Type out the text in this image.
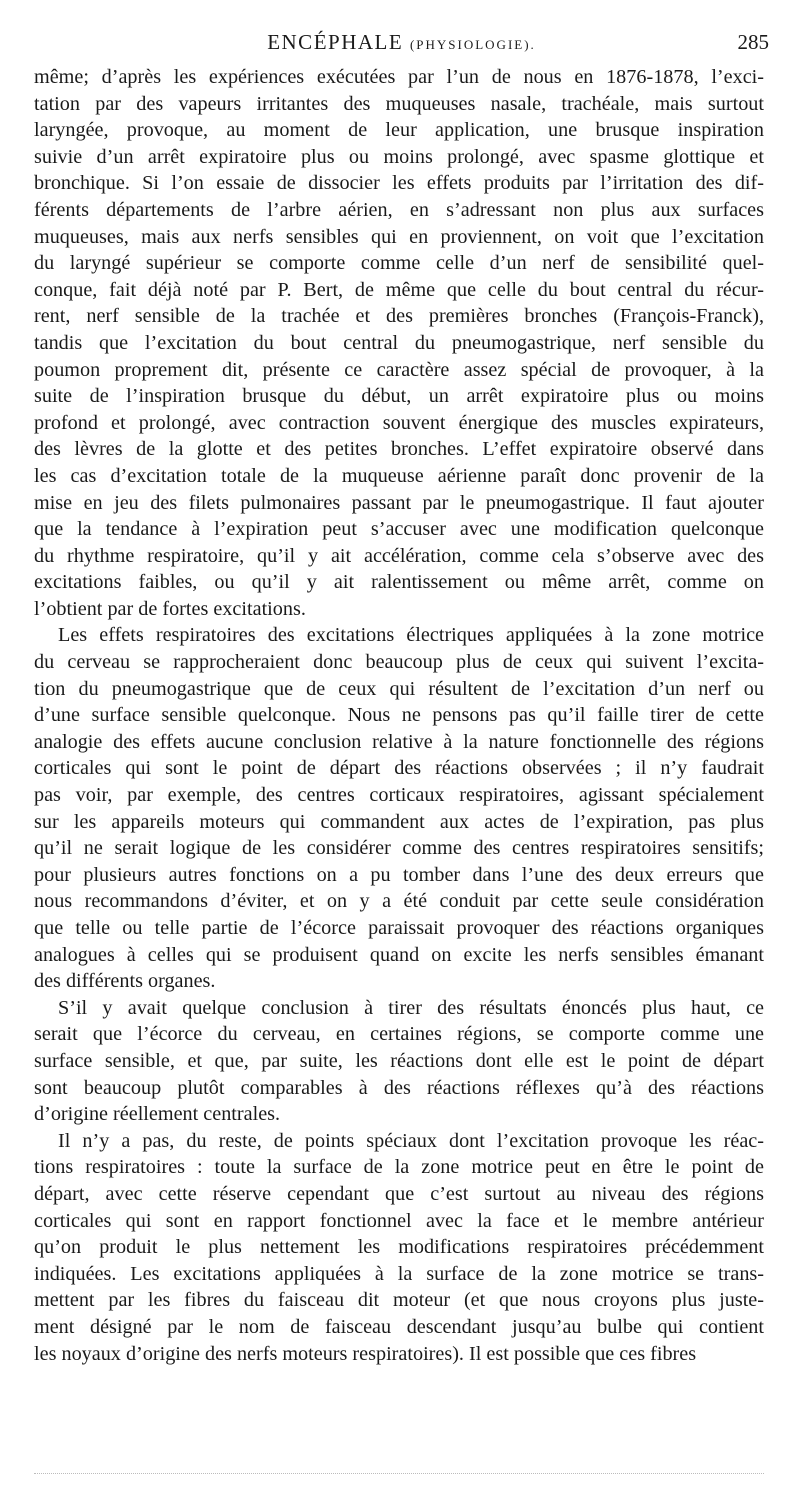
ENCÉPHALE (PHYSIOLOGIE).	285
même; d’après les expériences exécutées par l’un de nous en 1876-1878, l’exci-
tation par des vapeurs irritantes des muqueuses nasale, trachéale, mais surtout
laryngée, provoque, au moment de leur application, une brusque inspiration
suivie d’un arrêt expiratoire plus ou moins prolongé, avec spasme glottique et
bronchique. Si l’on essaie de dissocier les effets produits par l’irritation des dif-
férents départements de l’arbre aérien, en s’adressant non plus aux surfaces
muqueuses, mais aux nerfs sensibles qui en proviennent, on voit que l’excitation
du laryngé supérieur se comporte comme celle d’un nerf de sensibilité quel-
conque, fait déjà noté par P. Bert, de même que celle du bout central du récur-
rent, nerf sensible de la trachée et des premières bronches (François-Franck),
tandis que l’excitation du bout central du pneumogastrique, nerf sensible du
poumon proprement dit, présente ce caractère assez spécial de provoquer, à la
suite de l’inspiration brusque du début, un arrêt expiratoire plus ou moins
profond et prolongé, avec contraction souvent énergique des muscles expirateurs,
des lèvres de la glotte et des petites bronches. L’effet expiratoire observé dans
les cas d’excitation totale de la muqueuse aérienne paraît donc provenir de la
mise en jeu des filets pulmonaires passant par le pneumogastrique. Il faut ajouter
que la tendance à l’expiration peut s’accuser avec une modification quelconque
du rhythme respiratoire, qu’il y ait accélération, comme cela s’observe avec des
excitations faibles, ou qu’il y ait ralentissement ou même arrêt, comme on
l’obtient par de fortes excitations.
Les effets respiratoires des excitations électriques appliquées à la zone motrice
du cerveau se rapprocheraient donc beaucoup plus de ceux qui suivent l’excita-
tion du pneumogastrique que de ceux qui résultent de l’excitation d’un nerf ou
d’une surface sensible quelconque. Nous ne pensons pas qu’il faille tirer de cette
analogie des effets aucune conclusion relative à la nature fonctionnelle des régions
corticales qui sont le point de départ des réactions observées ; il n’y faudrait
pas voir, par exemple, des centres corticaux respiratoires, agissant spécialement
sur les appareils moteurs qui commandent aux actes de l’expiration, pas plus
qu’il ne serait logique de les considérer comme des centres respiratoires sensitifs;
pour plusieurs autres fonctions on a pu tomber dans l’une des deux erreurs que
nous recommandons d’éviter, et on y a été conduit par cette seule considération
que telle ou telle partie de l’écorce paraissait provoquer des réactions organiques
analogues à celles qui se produisent quand on excite les nerfs sensibles émanant
des différents organes.
S’il y avait quelque conclusion à tirer des résultats énoncés plus haut, ce
serait que l’écorce du cerveau, en certaines régions, se comporte comme une
surface sensible, et que, par suite, les réactions dont elle est le point de départ
sont beaucoup plutôt comparables à des réactions réflexes qu’à des réactions
d’origine réellement centrales.
Il n’y a pas, du reste, de points spéciaux dont l’excitation provoque les réac-
tions respiratoires : toute la surface de la zone motrice peut en être le point de
départ, avec cette réserve cependant que c’est surtout au niveau des régions
corticales qui sont en rapport fonctionnel avec la face et le membre antérieur
qu’on produit le plus nettement les modifications respiratoires précédemment
indiquées. Les excitations appliquées à la surface de la zone motrice se trans-
mettent par les fibres du faisceau dit moteur (et que nous croyons plus juste-
ment désigné par le nom de faisceau descendant jusqu’au bulbe qui contient
les noyaux d’origine des nerfs moteurs respiratoires). Il est possible que ces fibres
